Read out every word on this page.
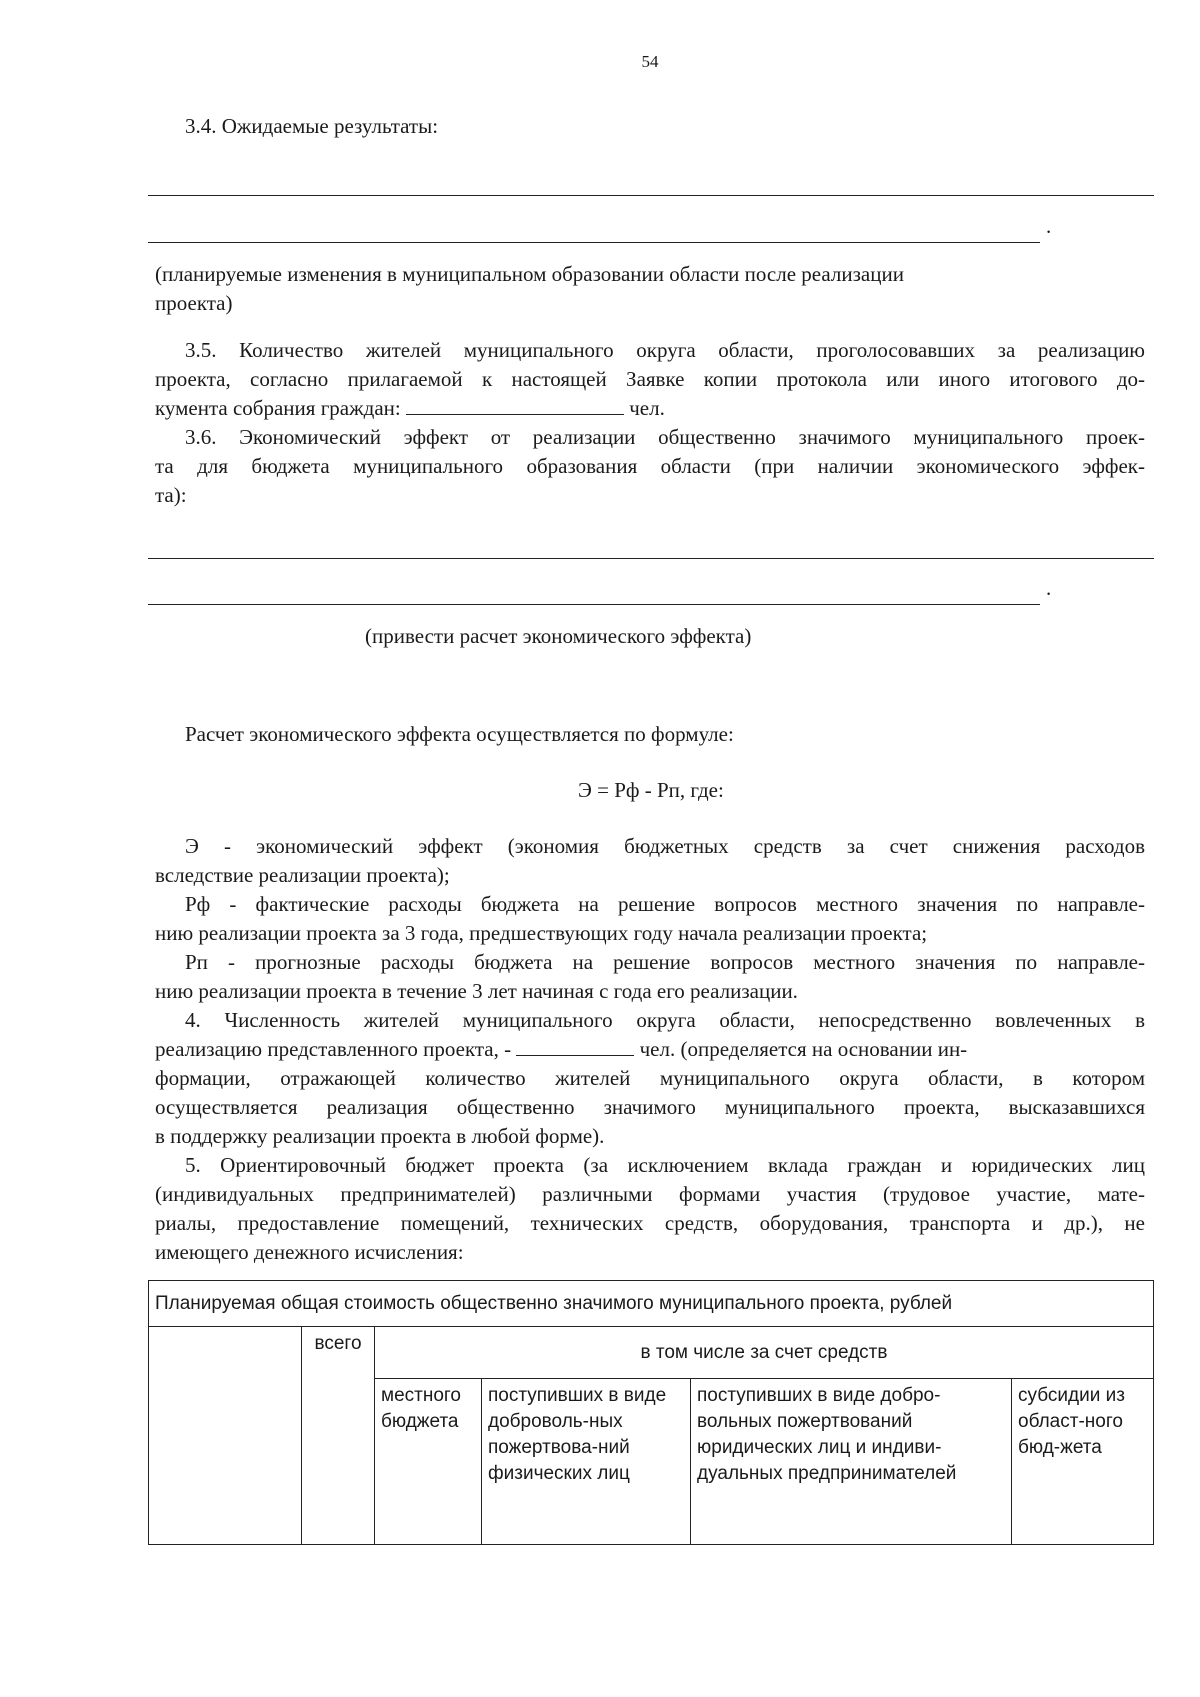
54
3.4. Ожидаемые результаты:
.
(планируемые изменения в муниципальном образовании области после реализации
проекта)
3.5. Количество жителей муниципального округа области, проголосовавших за реализацию
проекта, согласно прилагаемой к настоящей Заявке копии протокола или иного итогового до-
кумента собрания граждан:	чел.
3.6. Экономический эффект от реализации общественно значимого муниципального проек-
та для бюджета муниципального образования области (при наличии экономического эффек-
та):
.
(привести расчет экономического эффекта)
Расчет экономического эффекта осуществляется по формуле:
Э = Рф - Рп, где:
Э - экономический эффект (экономия бюджетных средств за счет снижения расходов
вследствие реализации проекта);
Рф - фактические расходы бюджета на решение вопросов местного значения по направле-
нию реализации проекта за 3 года, предшествующих году начала реализации проекта;
Рп - прогнозные расходы бюджета на решение вопросов местного значения по направле-
нию реализации проекта в течение 3 лет начиная с года его реализации.
4. Численность жителей муниципального округа области, непосредственно вовлеченных в
реализацию представленного проекта, -	чел. (определяется на основании ин-
формации, отражающей количество жителей муниципального округа области, в котором
осуществляется реализация общественно значимого муниципального проекта, высказавшихся
в поддержку реализации проекта в любой форме).
5. Ориентировочный бюджет проекта (за исключением вклада граждан и юридических лиц
(индивидуальных предпринимателей) различными формами участия (трудовое участие, мате-
риалы, предоставление помещений, технических средств, оборудования, транспорта и др.), не
имеющего денежного исчисления:
Планируемая общая стоимость общественно значимого муниципального проекта, рублей					
	всего	в том числе за счет средств			
		местного бюджета	поступивших в виде доброволь-ных пожертвова-ний физических лиц	поступивших в виде добро-вольных пожертвований юридических лиц и индиви-дуальных предпринимателей	субсидии из област-ного бюд-жета
